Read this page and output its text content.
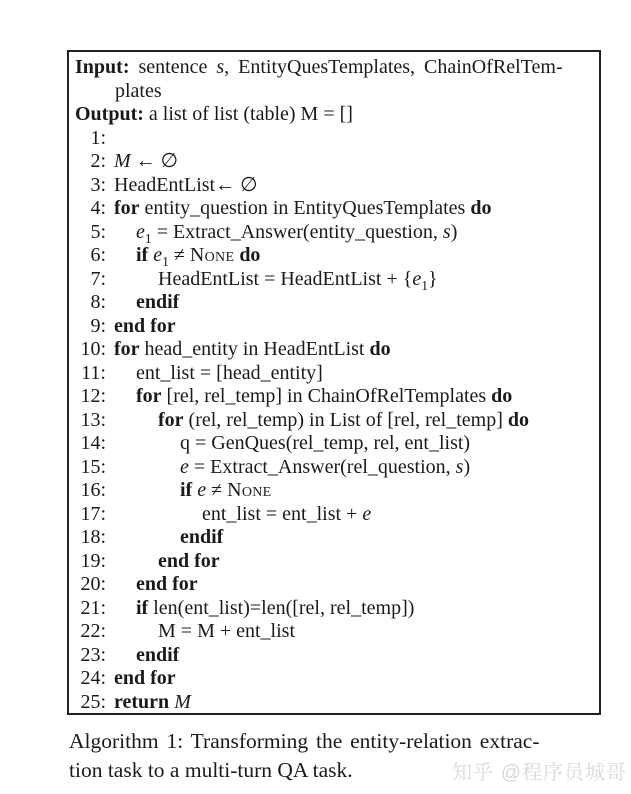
Input: sentence s, EntityQuesTemplates, ChainOfRelTem-
plates
Output: a list of list (table) M = []
1:
2: M ← ∅
3: HeadEntList← ∅
4: for entity_question in EntityQuesTemplates do
5:	$e_1$ = Extract_Answer(entity_question, s)
6:	if $e_1$ ≠ None do
7:	HeadEntList = HeadEntList + $\{e_1\}$
8:	endif
9: end for
10: for head_entity in HeadEntList do
11:	ent_list = [head_entity]
12:	for [rel, rel_temp] in ChainOfRelTemplates do
13:	for (rel, rel_temp) in List of [rel, rel_temp] do
14:	q = GenQues(rel_temp, rel, ent_list)
15:	e = Extract_Answer(rel_question, s)
16:	if e ≠ None
17:	ent_list = ent_list + e
18:	endif
19:	end for
20:	end for
21:	if len(ent_list)=len([rel, rel_temp])
22:	M = M + ent_list
23:	endif
24: end for
25: return M
Algorithm 1: Transforming the entity-relation extrac-
tion task to a multi-turn QA task.	知乎 @程序员城哥
